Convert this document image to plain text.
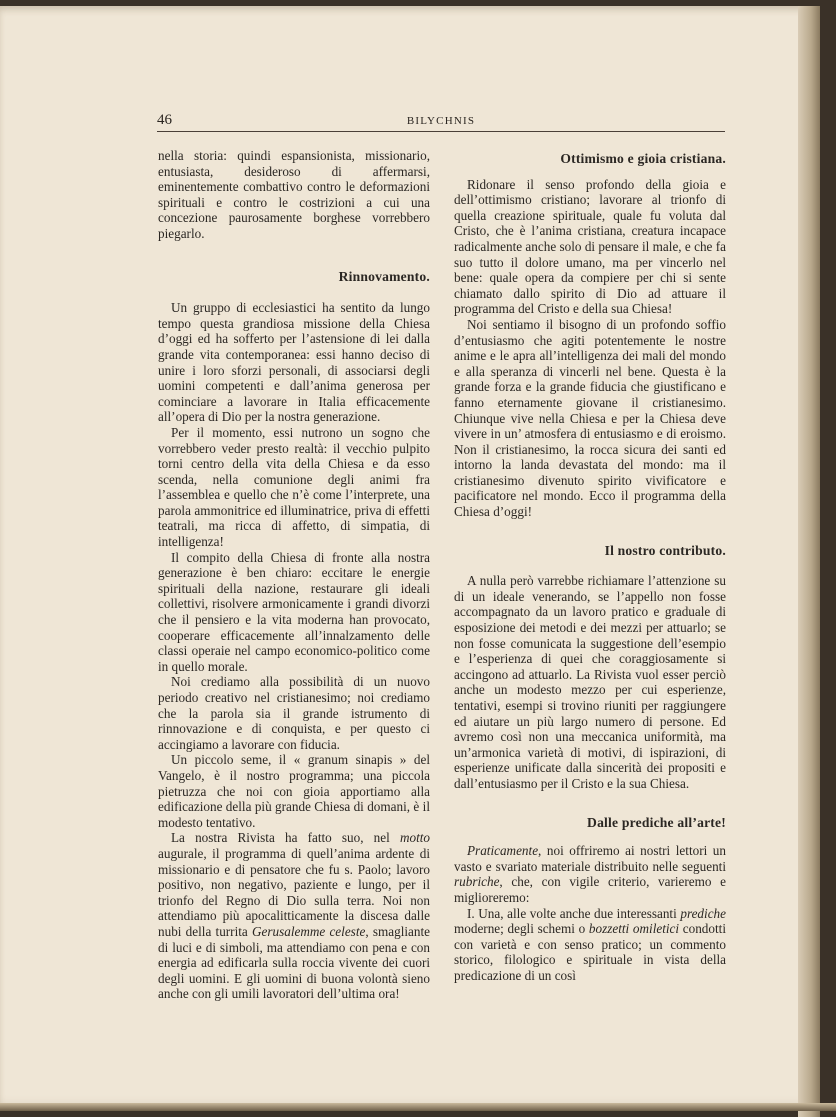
46	BILYCHNIS

nella storia: quindi espansionista, missionario, entusiasta, desideroso di affermarsi, eminentemente combattivo contro le deformazioni spirituali e contro le costrizioni a cui una concezione paurosamente borghese vorrebbero piegarlo.

Rinnovamento.

Un gruppo di ecclesiastici ha sentito da lungo tempo questa grandiosa missione della Chiesa d’oggi ed ha sofferto per l’astensione di lei dalla grande vita contemporanea: essi hanno deciso di unire i loro sforzi personali, di associarsi degli uomini competenti e dall’anima generosa per cominciare a lavorare in Italia efficacemente all’opera di Dio per la nostra generazione.

Per il momento, essi nutrono un sogno che vorrebbero veder presto realtà: il vecchio pulpito torni centro della vita della Chiesa e da esso scenda, nella comunione degli animi fra l’assemblea e quello che n’è come l’interprete, una parola ammonitrice ed illuminatrice, priva di effetti teatrali, ma ricca di affetto, di simpatia, di intelligenza!

Il compito della Chiesa di fronte alla nostra generazione è ben chiaro: eccitare le energie spirituali della nazione, restaurare gli ideali collettivi, risolvere armonicamente i grandi divorzi che il pensiero e la vita moderna han provocato, cooperare efficacemente all’innalzamento delle classi operaie nel campo economico-politico come in quello morale.

Noi crediamo alla possibilità di un nuovo periodo creativo nel cristianesimo; noi crediamo che la parola sia il grande istrumento di rinnovazione e di conquista, e per questo ci accingiamo a lavorare con fiducia.

Un piccolo seme, il « granum sinapis » del Vangelo, è il nostro programma; una piccola pietruzza che noi con gioia apportiamo alla edificazione della più grande Chiesa di domani, è il modesto tentativo.

La nostra Rivista ha fatto suo, nel motto augurale, il programma di quell’anima ardente di missionario e di pensatore che fu s. Paolo; lavoro positivo, non negativo, paziente e lungo, per il trionfo del Regno di Dio sulla terra. Noi non attendiamo più apocalitticamente la discesa dalle nubi della turrita Gerusalemme celeste, smagliante di luci e di simboli, ma attendiamo con pena e con energia ad edificarla sulla roccia vivente dei cuori degli uomini. E gli uomini di buona volontà sieno anche con gli umili lavoratori dell’ultima ora!

Ottimismo e gioia cristiana.

Ridonare il senso profondo della gioia e dell’ottimismo cristiano; lavorare al trionfo di quella creazione spirituale, quale fu voluta dal Cristo, che è l’anima cristiana, creatura incapace radicalmente anche solo di pensare il male, e che fa suo tutto il dolore umano, ma per vincerlo nel bene: quale opera da compiere per chi si sente chiamato dallo spirito di Dio ad attuare il programma del Cristo e della sua Chiesa!

Noi sentiamo il bisogno di un profondo soffio d’entusiasmo che agiti potentemente le nostre anime e le apra all’intelligenza dei mali del mondo e alla speranza di vincerli nel bene. Questa è la grande forza e la grande fiducia che giustificano e fanno eternamente giovane il cristianesimo. Chiunque vive nella Chiesa e per la Chiesa deve vivere in un’ atmosfera di entusiasmo e di eroismo. Non il cristianesimo, la rocca sicura dei santi ed intorno la landa devastata del mondo: ma il cristianesimo divenuto spirito vivificatore e pacificatore nel mondo. Ecco il programma della Chiesa d’oggi!

Il nostro contributo.

A nulla però varrebbe richiamare l’attenzione su di un ideale venerando, se l’appello non fosse accompagnato da un lavoro pratico e graduale di esposizione dei metodi e dei mezzi per attuarlo; se non fosse comunicata la suggestione dell’esempio e l’esperienza di quei che coraggiosamente si accingono ad attuarlo. La Rivista vuol esser perciò anche un modesto mezzo per cui esperienze, tentativi, esempi si trovino riuniti per raggiungere ed aiutare un più largo numero di persone. Ed avremo così non una meccanica uniformità, ma un’armonica varietà di motivi, di ispirazioni, di esperienze unificate dalla sincerità dei propositi e dall’entusiasmo per il Cristo e la sua Chiesa.

Dalle prediche all’arte!

Praticamente, noi offriremo ai nostri lettori un vasto e svariato materiale distribuito nelle seguenti rubriche, che, con vigile criterio, varieremo e miglioreremo:

I. Una, alle volte anche due interessanti prediche moderne; degli schemi o bozzetti omiletici condotti con varietà e con senso pratico; un commento storico, filologico e spirituale in vista della predicazione di un così
